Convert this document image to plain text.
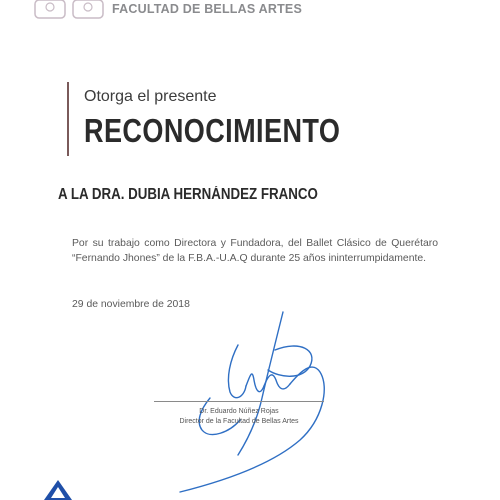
FACULTAD DE BELLAS ARTES
Otorga el presente
RECONOCIMIENTO
A LA DRA. DUBIA HERNÁNDEZ FRANCO
Por su trabajo como Directora y Fundadora, del Ballet Clásico de Querétaro “Fernando Jhones” de la F.B.A.-U.A.Q durante 25 años ininterrumpidamente.
29 de noviembre de 2018
Dr. Eduardo Núñez Rojas
Director de la Facultad de Bellas Artes
